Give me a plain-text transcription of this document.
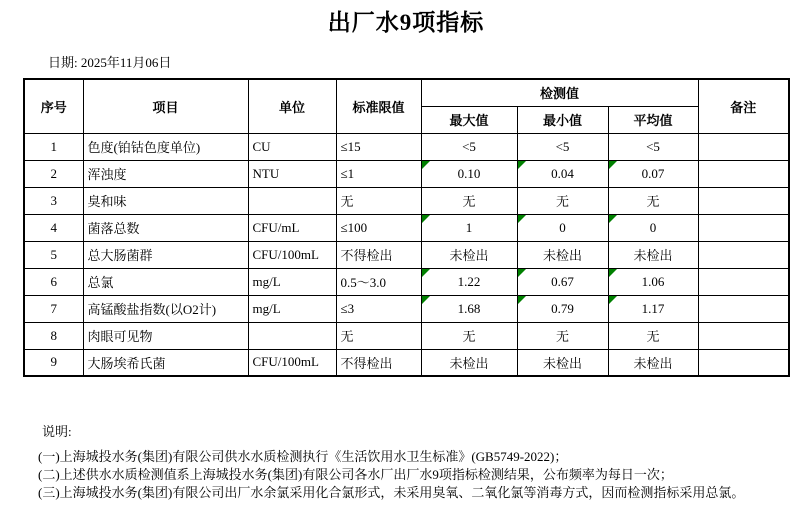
出厂水9项指标
日期: 2025年11月06日
序号	项目	单位	标准限值	检测值			备注
				最大值	最小值	平均值	
1	色度(铂钴色度单位)	CU	≤15	<5	<5	<5	
2	浑浊度	NTU	≤1	0.10	0.04	0.07

3	臭和味		无	无	无	无	
4	菌落总数	CFU/mL	≤100	1	0	0

5	总大肠菌群	CFU/100mL	不得检出	未检出	未检出	未检出	
6	总氯	mg/L	0.5～3.0	1.22	0.67	1.06

7	高锰酸盐指数(以O2计)	mg/L	≤3	1.68	0.79	1.17

8	肉眼可见物		无	无	无	无	
9	大肠埃希氏菌	CFU/100mL	不得检出	未检出	未检出	未检出	
说明:
(一)上海城投水务(集团)有限公司供水水质检测执行《生活饮用水卫生标准》(GB5749-2022)；
(二)上述供水水质检测值系上海城投水务(集团)有限公司各水厂出厂水9项指标检测结果，公布频率为每日一次；
(三)上海城投水务(集团)有限公司出厂水余氯采用化合氯形式，未采用臭氧、二氧化氯等消毒方式，因而检测指标采用总氯。
